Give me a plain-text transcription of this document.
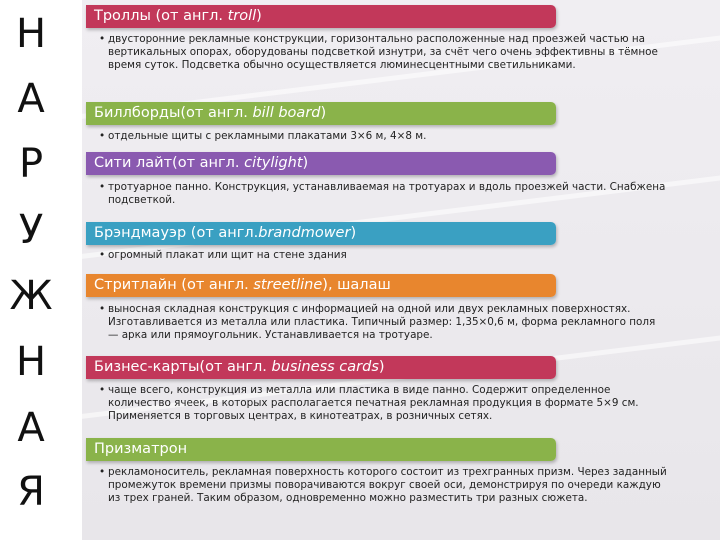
Н
А
Р
У
Ж
Н
А
Я
Троллы (от англ. troll)
• двусторонние рекламные конструкции, горизонтально расположенные над проезжей частью на вертикальных опорах, оборудованы подсветкой изнутри, за счёт чего очень эффективны в тёмное время суток. Подсветка обычно осуществляется люминесцентными светильниками.
Биллборды(от англ. bill board)
• отдельные щиты с рекламными плакатами 3×6 м, 4×8 м.
Сити лайт(от англ. citylight)
• тротуарное панно. Конструкция, устанавливаемая на тротуарах и вдоль проезжей части. Снабжена подсветкой.
Брэндмауэр (от англ.brandmower)
• огромный плакат или щит на стене здания
Стритлайн (от англ. streetline), шалаш
• выносная складная конструкция с информацией на одной или двух рекламных поверхностях. Изготавливается из металла или пластика. Типичный размер: 1,35×0,6 м, форма рекламного поля — арка или прямоугольник. Устанавливается на тротуаре.
Бизнес-карты(от англ. business cards)
• чаще всего, конструкция из металла или пластика в виде панно. Содержит определенное количество ячеек, в которых располагается печатная рекламная продукция в формате 5×9 см. Применяется в торговых центрах, в кинотеатрах, в розничных сетях.
Призматрон
• рекламоноситель, рекламная поверхность которого состоит из трехгранных призм. Через заданный промежуток времени призмы поворачиваются вокруг своей оси, демонстрируя по очереди каждую из трех граней. Таким образом, одновременно можно разместить три разных сюжета.
